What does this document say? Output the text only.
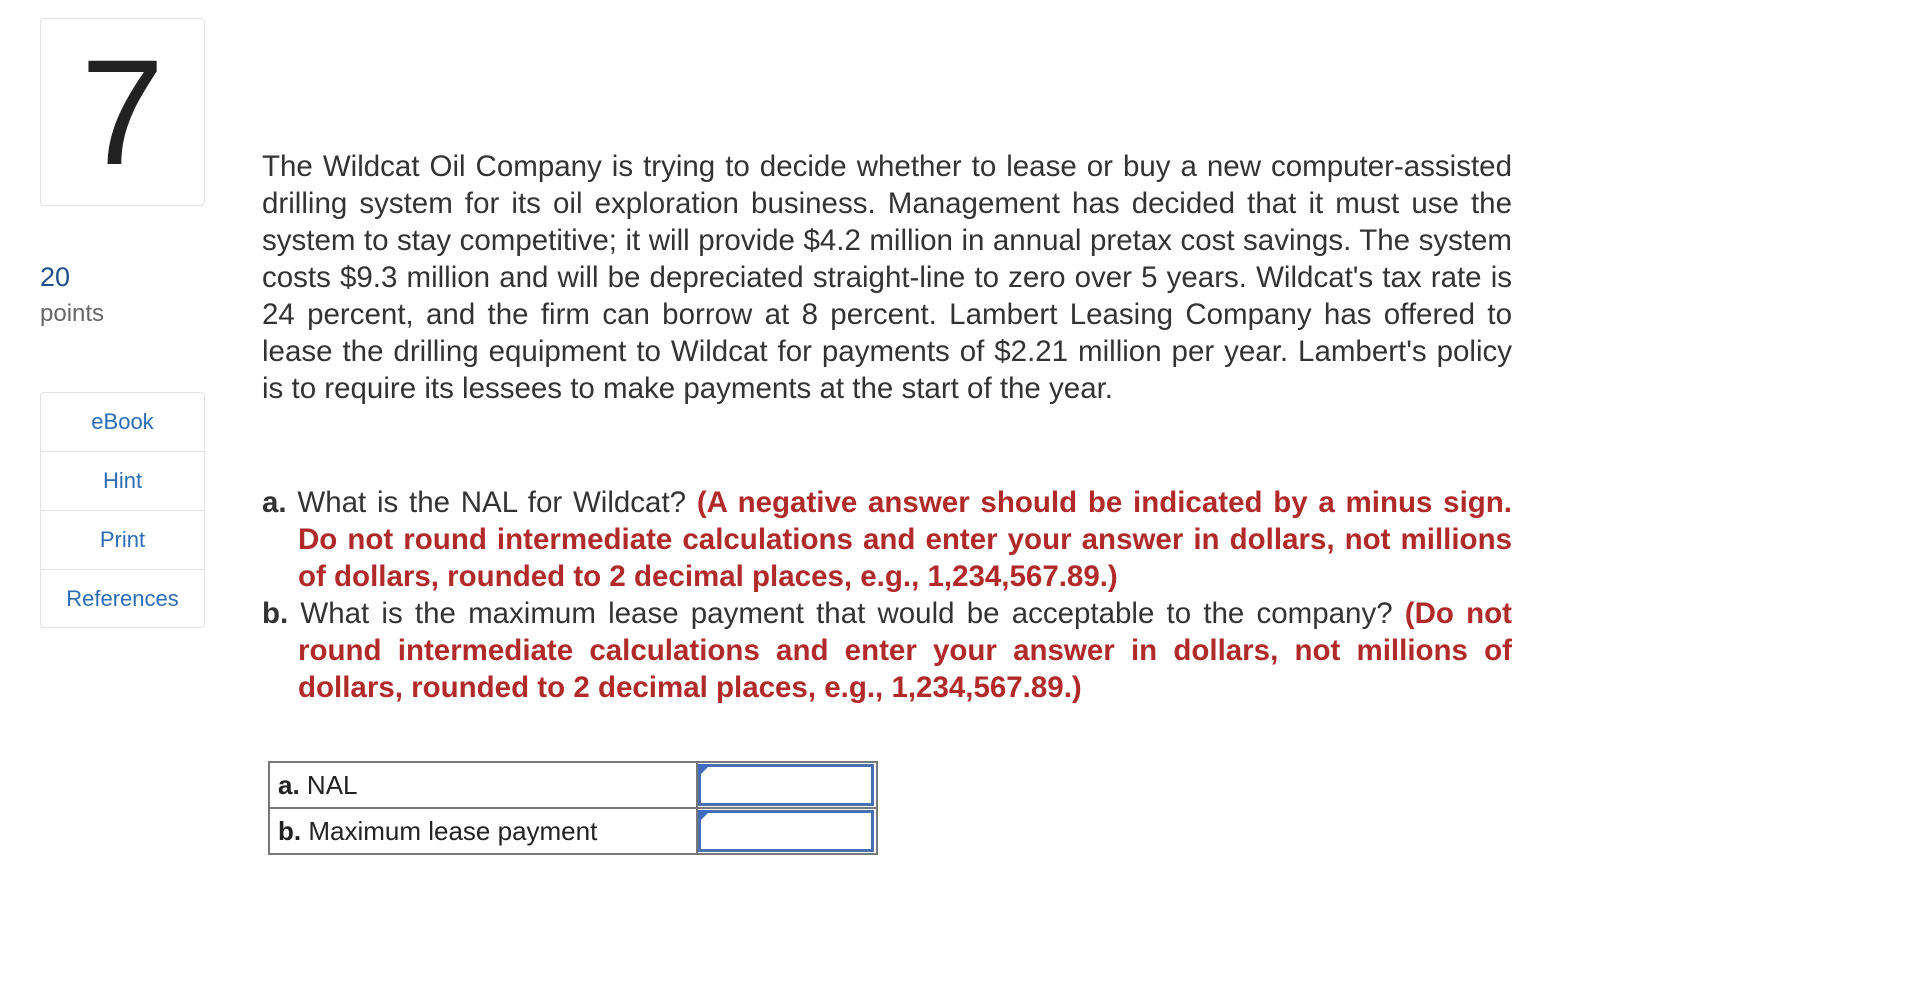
7
20
points
eBook
Hint
Print
References
The Wildcat Oil Company is trying to decide whether to lease or buy a new computer-assisted drilling system for its oil exploration business. Management has decided that it must use the system to stay competitive; it will provide $4.2 million in annual pretax cost savings. The system costs $9.3 million and will be depreciated straight-line to zero over 5 years. Wildcat's tax rate is 24 percent, and the firm can borrow at 8 percent. Lambert Leasing Company has offered to lease the drilling equipment to Wildcat for payments of $2.21 million per year. Lambert's policy is to require its lessees to make payments at the start of the year.
a. What is the NAL for Wildcat? (A negative answer should be indicated by a minus sign. Do not round intermediate calculations and enter your answer in dollars, not millions of dollars, rounded to 2 decimal places, e.g., 1,234,567.89.)
b. What is the maximum lease payment that would be acceptable to the company? (Do not round intermediate calculations and enter your answer in dollars, not millions of dollars, rounded to 2 decimal places, e.g., 1,234,567.89.)
a. NAL	

b. Maximum lease payment	
